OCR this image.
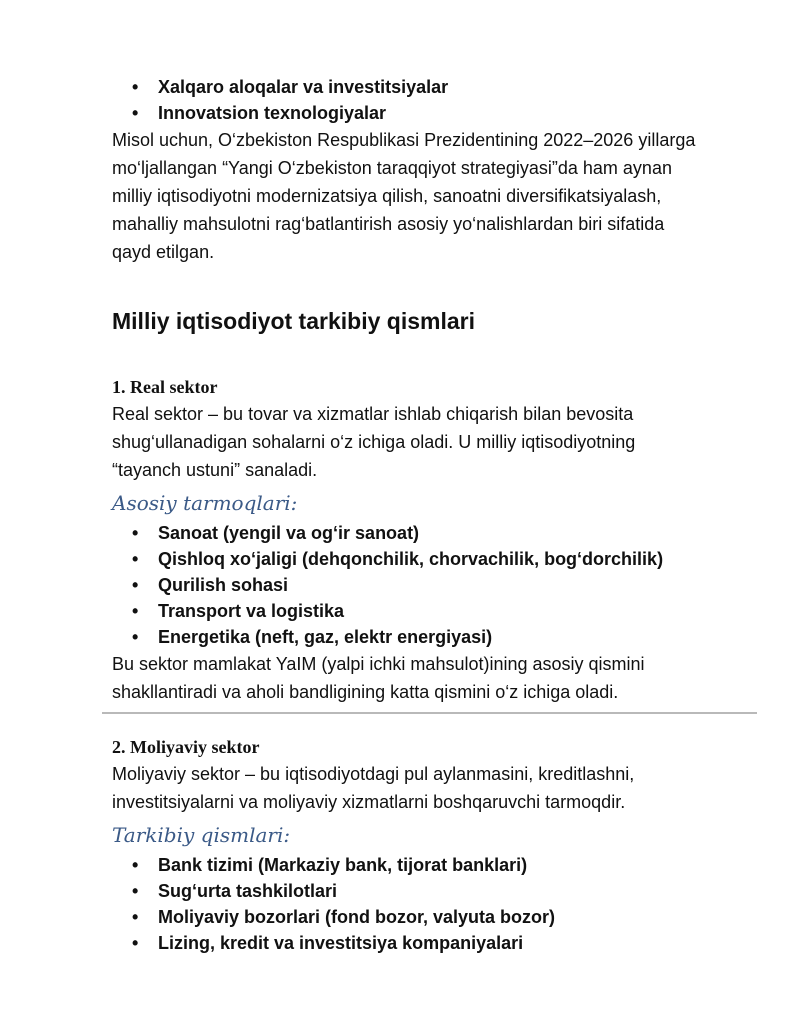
• Xalqaro aloqalar va investitsiyalar
• Innovatsion texnologiyalar

Misol uchun, O‘zbekiston Respublikasi Prezidentining 2022–2026 yillarga
mo‘ljallangan “Yangi O‘zbekiston taraqqiyot strategiyasi”da ham aynan
milliy iqtisodiyotni modernizatsiya qilish, sanoatni diversifikatsiyalash,
mahalliy mahsulotni rag‘batlantirish asosiy yo‘nalishlardan biri sifatida
qayd etilgan.

Milliy iqtisodiyot tarkibiy qismlari
1. Real sektor

Real sektor – bu tovar va xizmatlar ishlab chiqarish bilan bevosita
shug‘ullanadigan sohalarni o‘z ichiga oladi. U milliy iqtisodiyotning
“tayanch ustuni” sanaladi.

Asosiy tarmoqlari:
• Sanoat (yengil va og‘ir sanoat)
• Qishloq xo‘jaligi (dehqonchilik, chorvachilik, bog‘dorchilik)
• Qurilish sohasi
• Transport va logistika
• Energetika (neft, gaz, elektr energiyasi)

Bu sektor mamlakat YaIM (yalpi ichki mahsulot)ining asosiy qismini
shakllantiradi va aholi bandligining katta qismini o‘z ichiga oladi.

2. Moliyaviy sektor

Moliyaviy sektor – bu iqtisodiyotdagi pul aylanmasini, kreditlashni,
investitsiyalarni va moliyaviy xizmatlarni boshqaruvchi tarmoqdir.

Tarkibiy qismlari:
• Bank tizimi (Markaziy bank, tijorat banklari)
• Sug‘urta tashkilotlari
• Moliyaviy bozorlari (fond bozor, valyuta bozor)
• Lizing, kredit va investitsiya kompaniyalari
